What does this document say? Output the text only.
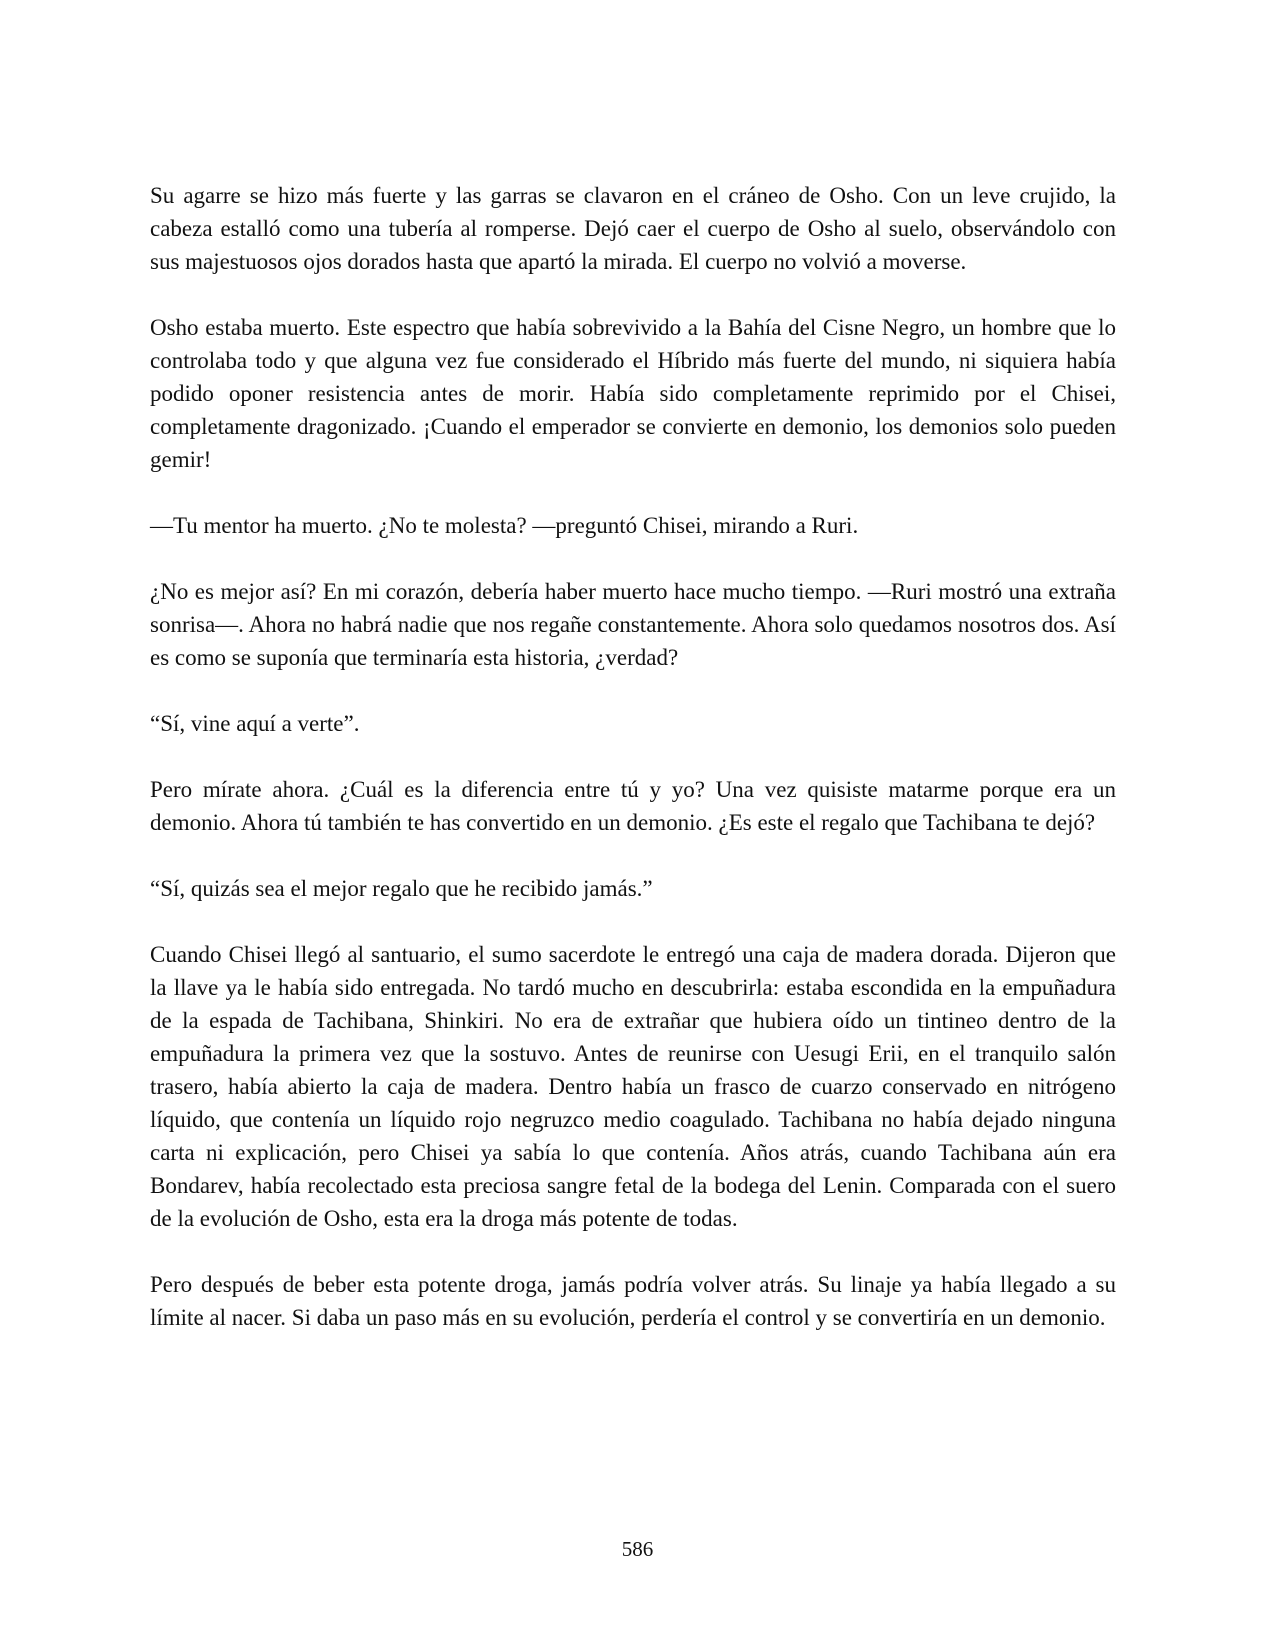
Su agarre se hizo más fuerte y las garras se clavaron en el cráneo de Osho. Con un leve crujido, la cabeza estalló como una tubería al romperse. Dejó caer el cuerpo de Osho al suelo, observándolo con sus majestuosos ojos dorados hasta que apartó la mirada. El cuerpo no volvió a moverse.

Osho estaba muerto. Este espectro que había sobrevivido a la Bahía del Cisne Negro, un hombre que lo controlaba todo y que alguna vez fue considerado el Híbrido más fuerte del mundo, ni siquiera había podido oponer resistencia antes de morir. Había sido completamente reprimido por el Chisei, completamente dragonizado. ¡Cuando el emperador se convierte en demonio, los demonios solo pueden gemir!

—Tu mentor ha muerto. ¿No te molesta? —preguntó Chisei, mirando a Ruri.

¿No es mejor así? En mi corazón, debería haber muerto hace mucho tiempo. —Ruri mostró una extraña sonrisa—. Ahora no habrá nadie que nos regañe constantemente. Ahora solo quedamos nosotros dos. Así es como se suponía que terminaría esta historia, ¿verdad?

“Sí, vine aquí a verte”.

Pero mírate ahora. ¿Cuál es la diferencia entre tú y yo? Una vez quisiste matarme porque era un demonio. Ahora tú también te has convertido en un demonio. ¿Es este el regalo que Tachibana te dejó?

“Sí, quizás sea el mejor regalo que he recibido jamás.”

Cuando Chisei llegó al santuario, el sumo sacerdote le entregó una caja de madera dorada. Dijeron que la llave ya le había sido entregada. No tardó mucho en descubrirla: estaba escondida en la empuñadura de la espada de Tachibana, Shinkiri. No era de extrañar que hubiera oído un tintineo dentro de la empuñadura la primera vez que la sostuvo. Antes de reunirse con Uesugi Erii, en el tranquilo salón trasero, había abierto la caja de madera. Dentro había un frasco de cuarzo conservado en nitrógeno líquido, que contenía un líquido rojo negruzco medio coagulado. Tachibana no había dejado ninguna carta ni explicación, pero Chisei ya sabía lo que contenía. Años atrás, cuando Tachibana aún era Bondarev, había recolectado esta preciosa sangre fetal de la bodega del Lenin. Comparada con el suero de la evolución de Osho, esta era la droga más potente de todas.

Pero después de beber esta potente droga, jamás podría volver atrás. Su linaje ya había llegado a su límite al nacer. Si daba un paso más en su evolución, perdería el control y se convertiría en un demonio.

586
